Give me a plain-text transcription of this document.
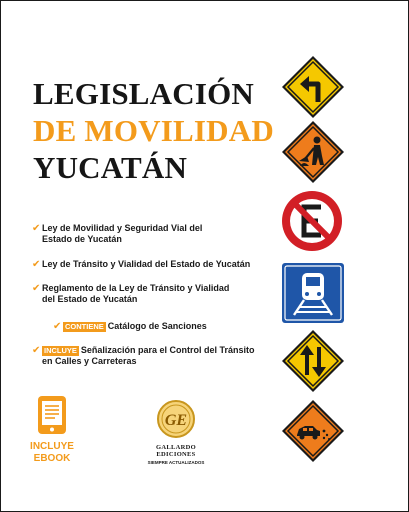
LEGISLACIÓN
DE MOVILIDAD
YUCATÁN
✔ Ley de Movilidad y Seguridad Vial del Estado de Yucatán
✔ Ley de Tránsito y Vialidad del Estado de Yucatán
✔ Reglamento de la Ley de Tránsito y Vialidad del Estado de Yucatán
✔ CONTIENE Catálogo de Sanciones
✔ INCLUYE Señalización para el Control del Tránsito en Calles y Carreteras
INCLUYE
EBOOK
GE
GALLARDO
EDICIONES
SIEMPRE ACTUALIZADOS
